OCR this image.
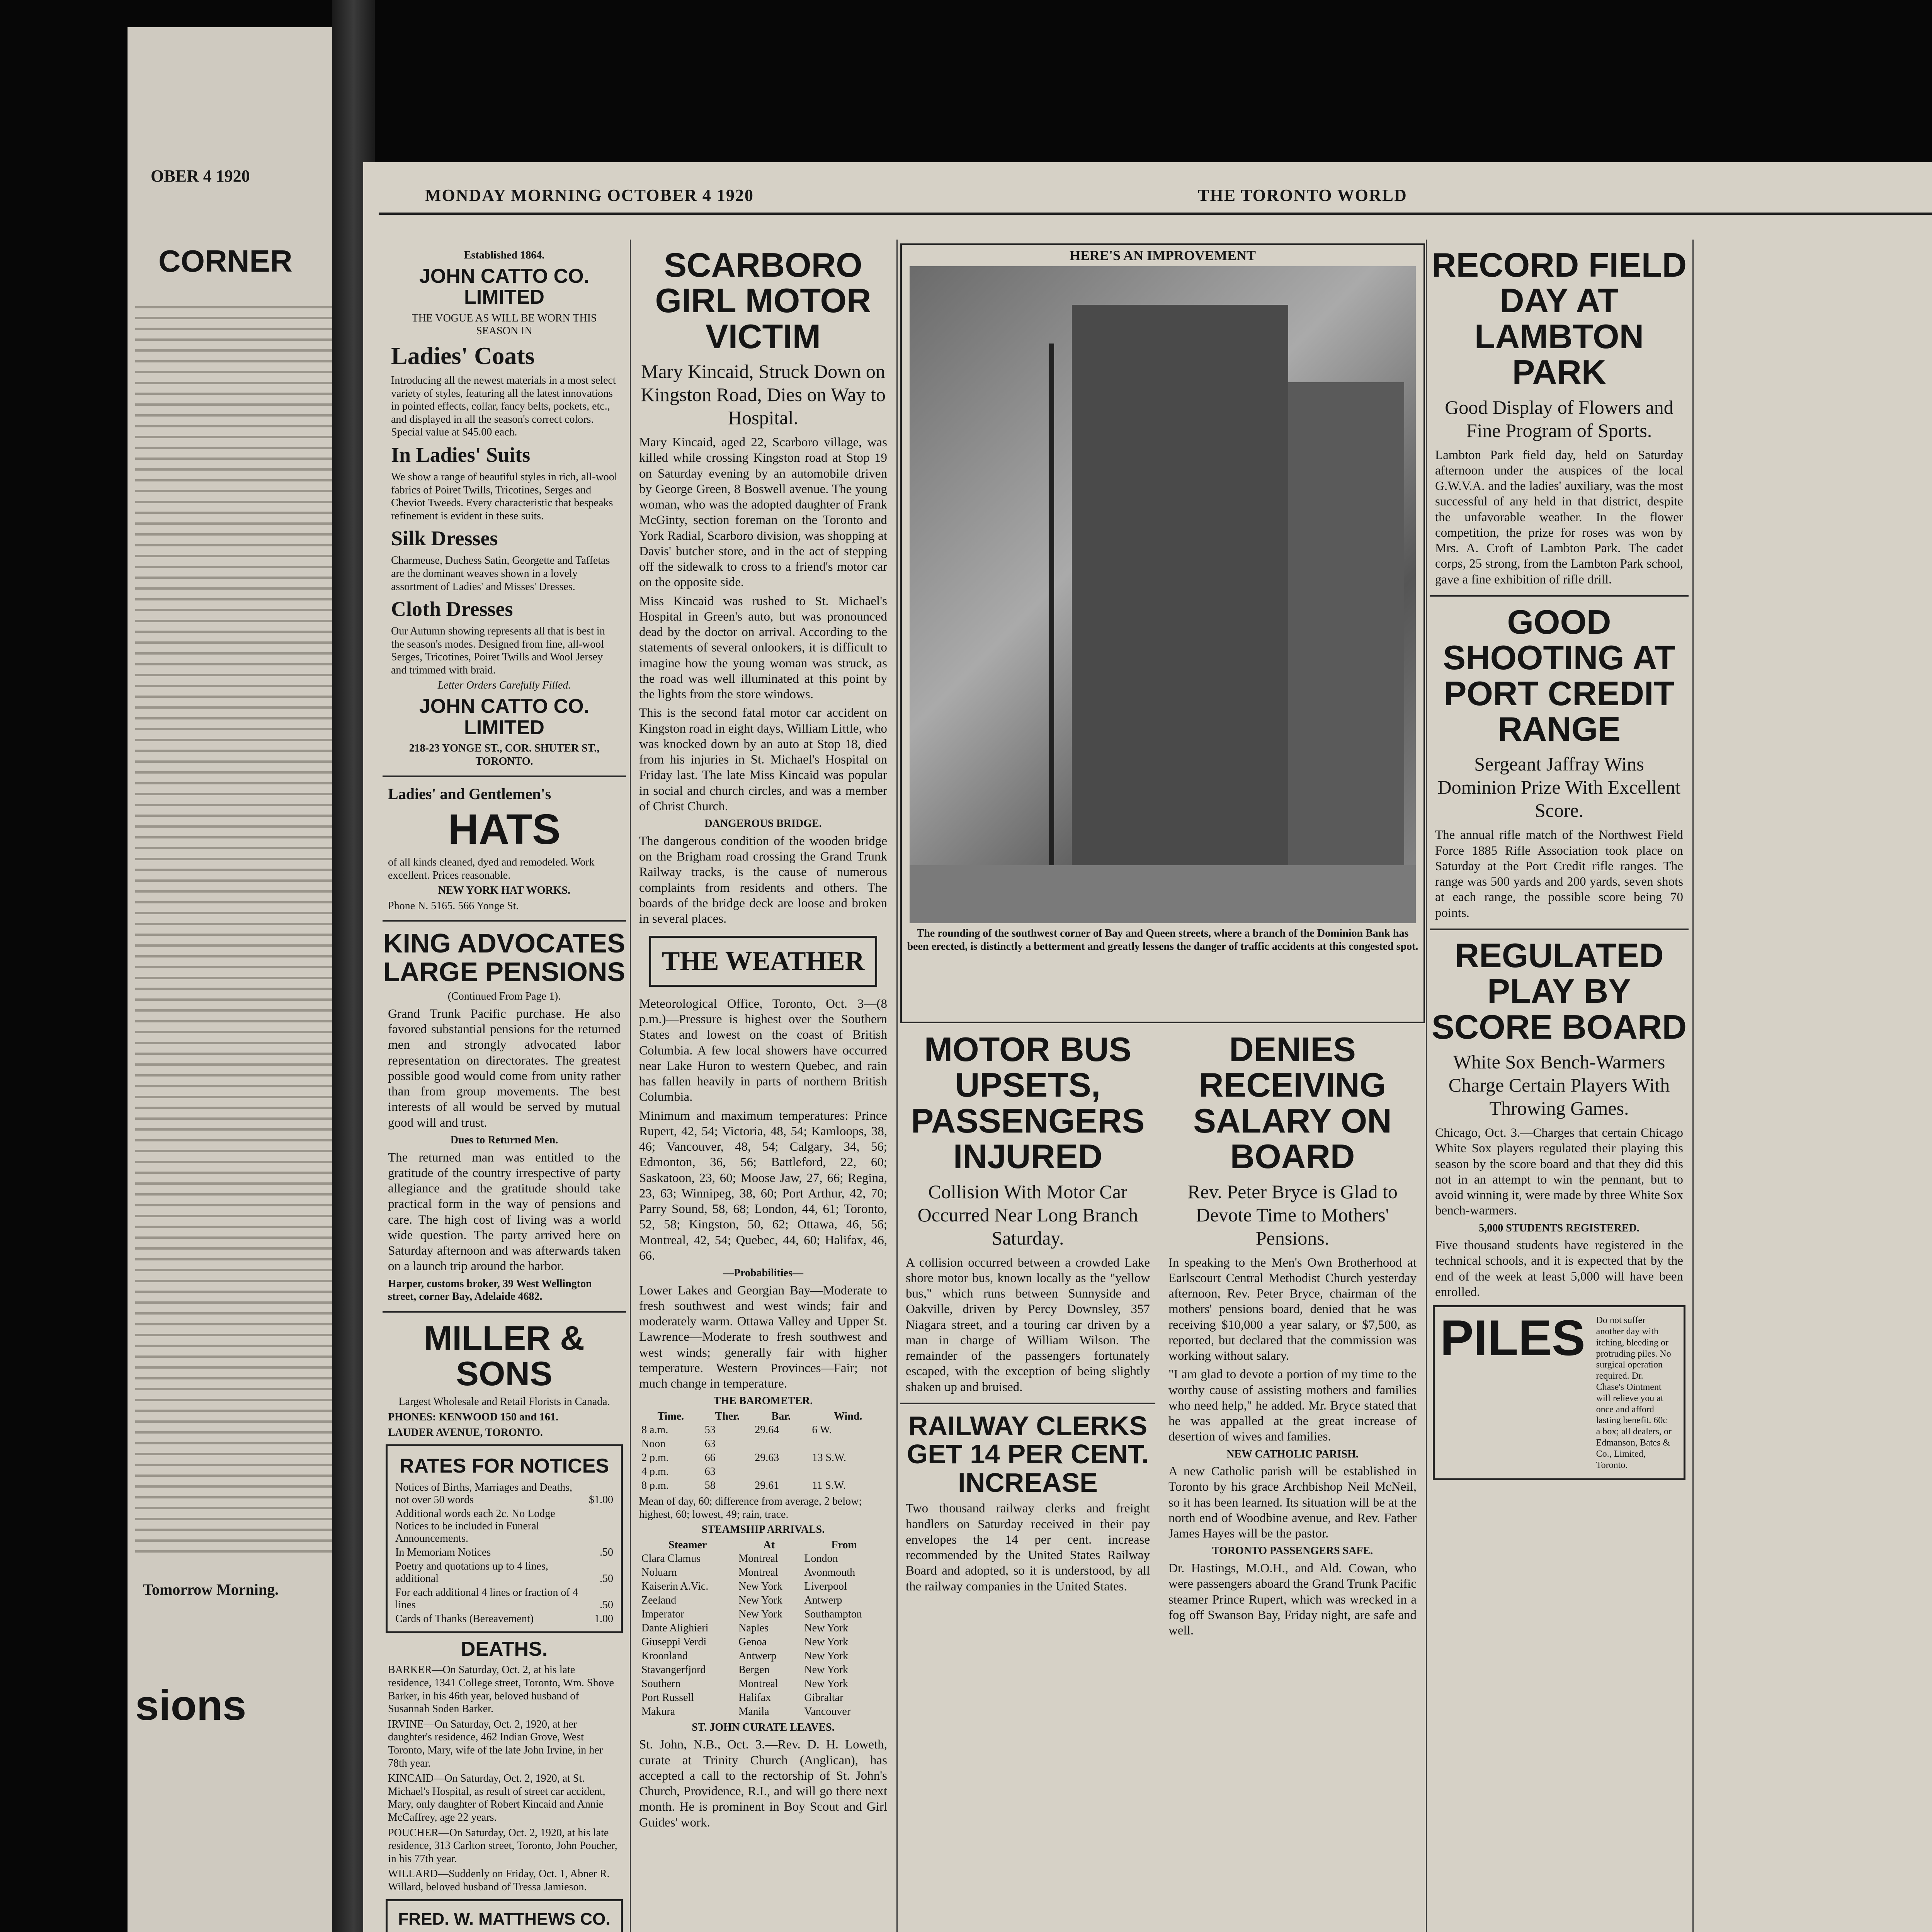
OBER 4 1920
CORNER
Tomorrow Morning.
sions
MONDAY MORNING OCTOBER 4 1920	THE TORONTO WORLD
Established 1864.
JOHN CATTO CO. LIMITED
THE VOGUE AS WILL BE WORN THIS SEASON IN
Ladies' Coats
Introducing all the newest materials in a most select variety of styles, featuring all the latest innovations in pointed effects, collar, fancy belts, pockets, etc., and displayed in all the season's correct colors. Special value at $45.00 each.
In Ladies' Suits
We show a range of beautiful styles in rich, all-wool fabrics of Poiret Twills, Tricotines, Serges and Cheviot Tweeds. Every characteristic that bespeaks refinement is evident in these suits.
Silk Dresses
Charmeuse, Duchess Satin, Georgette and Taffetas are the dominant weaves shown in a lovely assortment of Ladies' and Misses' Dresses.
Cloth Dresses
Our Autumn showing represents all that is best in the season's modes. Designed from fine, all-wool Serges, Tricotines, Poiret Twills and Wool Jersey and trimmed with braid.
Letter Orders Carefully Filled.
JOHN CATTO CO. LIMITED
218-23 YONGE ST., COR. SHUTER ST., TORONTO.
Ladies' and Gentlemen's
HATS
of all kinds cleaned, dyed and remodeled. Work excellent. Prices reasonable.
NEW YORK HAT WORKS.
Phone N. 5165. 566 Yonge St.
KING ADVOCATES LARGE PENSIONS
(Continued From Page 1).
Grand Trunk Pacific purchase. He also favored substantial pensions for the returned men and strongly advocated labor representation on directorates. The greatest possible good would come from unity rather than from group movements. The best interests of all would be served by mutual good will and trust.
Dues to Returned Men.
The returned man was entitled to the gratitude of the country irrespective of party allegiance and the gratitude should take practical form in the way of pensions and care. The high cost of living was a world wide question. The party arrived here on Saturday afternoon and was afterwards taken on a launch trip around the harbor.
Harper, customs broker, 39 West Wellington street, corner Bay, Adelaide 4682.
MILLER & SONS
Largest Wholesale and Retail Florists in Canada.
PHONES: KENWOOD 150 and 161.
LAUDER AVENUE, TORONTO.
RATES FOR NOTICES
Notices of Births, Marriages and Deaths, not over 50 words	$1.00
Additional words each 2c. No Lodge Notices to be included in Funeral Announcements.	
In Memoriam Notices	.50
Poetry and quotations up to 4 lines, additional	.50
For each additional 4 lines or fraction of 4 lines	.50
Cards of Thanks (Bereavement)	1.00
DEATHS.
BARKER—On Saturday, Oct. 2, at his late residence, 1341 College street, Toronto, Wm. Shove Barker, in his 46th year, beloved husband of Susannah Soden Barker.
IRVINE—On Saturday, Oct. 2, 1920, at her daughter's residence, 462 Indian Grove, West Toronto, Mary, wife of the late John Irvine, in her 78th year.
KINCAID—On Saturday, Oct. 2, 1920, at St. Michael's Hospital, as result of street car accident, Mary, only daughter of Robert Kincaid and Annie McCaffrey, age 22 years.
POUCHER—On Saturday, Oct. 2, 1920, at his late residence, 313 Carlton street, Toronto, John Poucher, in his 77th year.
WILLARD—Suddenly on Friday, Oct. 1, Abner R. Willard, beloved husband of Tressa Jamieson.
FRED. W. MATTHEWS CO.
SCARBORO GIRL MOTOR VICTIM
Mary Kincaid, Struck Down on Kingston Road, Dies on Way to Hospital.
Mary Kincaid, aged 22, Scarboro village, was killed while crossing Kingston road at Stop 19 on Saturday evening by an automobile driven by George Green, 8 Boswell avenue. The young woman, who was the adopted daughter of Frank McGinty, section foreman on the Toronto and York Radial, Scarboro division, was shopping at Davis' butcher store, and in the act of stepping off the sidewalk to cross to a friend's motor car on the opposite side.
Miss Kincaid was rushed to St. Michael's Hospital in Green's auto, but was pronounced dead by the doctor on arrival. According to the statements of several onlookers, it is difficult to imagine how the young woman was struck, as the road was well illuminated at this point by the lights from the store windows.
This is the second fatal motor car accident on Kingston road in eight days, William Little, who was knocked down by an auto at Stop 18, died from his injuries in St. Michael's Hospital on Friday last. The late Miss Kincaid was popular in social and church circles, and was a member of Christ Church.
DANGEROUS BRIDGE.
The dangerous condition of the wooden bridge on the Brigham road crossing the Grand Trunk Railway tracks, is the cause of numerous complaints from residents and others. The boards of the bridge deck are loose and broken in several places.
THE WEATHER
Meteorological Office, Toronto, Oct. 3—(8 p.m.)—Pressure is highest over the Southern States and lowest on the coast of British Columbia. A few local showers have occurred near Lake Huron to western Quebec, and rain has fallen heavily in parts of northern British Columbia.
Minimum and maximum temperatures: Prince Rupert, 42, 54; Victoria, 48, 54; Kamloops, 38, 46; Vancouver, 48, 54; Calgary, 34, 56; Edmonton, 36, 56; Battleford, 22, 60; Saskatoon, 23, 60; Moose Jaw, 27, 66; Regina, 23, 63; Winnipeg, 38, 60; Port Arthur, 42, 70; Parry Sound, 58, 68; London, 44, 61; Toronto, 52, 58; Kingston, 50, 62; Ottawa, 46, 56; Montreal, 42, 54; Quebec, 44, 60; Halifax, 46, 66.
—Probabilities—
Lower Lakes and Georgian Bay—Moderate to fresh southwest and west winds; fair and moderately warm. Ottawa Valley and Upper St. Lawrence—Moderate to fresh southwest and west winds; generally fair with higher temperature. Western Provinces—Fair; not much change in temperature.
THE BAROMETER.
Time.	Ther.	Bar.	Wind.
8 a.m.	53	29.64	6 W.
Noon	63		
2 p.m.	66	29.63	13 S.W.
4 p.m.	63		
8 p.m.	58	29.61	11 S.W.
Mean of day, 60; difference from average, 2 below; highest, 60; lowest, 49; rain, trace.
STEAMSHIP ARRIVALS.
Steamer	At	From
Clara Clamus	Montreal	London
Noluarn	Montreal	Avonmouth
Kaiserin A.Vic.	New York	Liverpool
Zeeland	New York	Antwerp
Imperator	New York	Southampton
Dante Alighieri	Naples	New York
Giuseppi Verdi	Genoa	New York
Kroonland	Antwerp	New York
Stavangerfjord	Bergen	New York
Southern	Montreal	New York
Port Russell	Halifax	Gibraltar
Makura	Manila	Vancouver
ST. JOHN CURATE LEAVES.
St. John, N.B., Oct. 3.—Rev. D. H. Loweth, curate at Trinity Church (Anglican), has accepted a call to the rectorship of St. John's Church, Providence, R.I., and will go there next month. He is prominent in Boy Scout and Girl Guides' work.
HERE'S AN IMPROVEMENT
The rounding of the southwest corner of Bay and Queen streets, where a branch of the Dominion Bank has been erected, is distinctly a betterment and greatly lessens the danger of traffic accidents at this congested spot.
MOTOR BUS UPSETS, PASSENGERS INJURED
Collision With Motor Car Occurred Near Long Branch Saturday.
A collision occurred between a crowded Lake shore motor bus, known locally as the "yellow bus," which runs between Sunnyside and Oakville, driven by Percy Downsley, 357 Niagara street, and a touring car driven by a man in charge of William Wilson. The remainder of the passengers fortunately escaped, with the exception of being slightly shaken up and bruised.
RAILWAY CLERKS GET 14 PER CENT. INCREASE
Two thousand railway clerks and freight handlers on Saturday received in their pay envelopes the 14 per cent. increase recommended by the United States Railway Board and adopted, so it is understood, by all the railway companies in the United States.
DENIES RECEIVING SALARY ON BOARD
Rev. Peter Bryce is Glad to Devote Time to Mothers' Pensions.
In speaking to the Men's Own Brotherhood at Earlscourt Central Methodist Church yesterday afternoon, Rev. Peter Bryce, chairman of the mothers' pensions board, denied that he was receiving $10,000 a year salary, or $7,500, as reported, but declared that the commission was working without salary.
"I am glad to devote a portion of my time to the worthy cause of assisting mothers and families who need help," he added. Mr. Bryce stated that he was appalled at the great increase of desertion of wives and families.
NEW CATHOLIC PARISH.
A new Catholic parish will be established in Toronto by his grace Archbishop Neil McNeil, so it has been learned. Its situation will be at the north end of Woodbine avenue, and Rev. Father James Hayes will be the pastor.
TORONTO PASSENGERS SAFE.
Dr. Hastings, M.O.H., and Ald. Cowan, who were passengers aboard the Grand Trunk Pacific steamer Prince Rupert, which was wrecked in a fog off Swanson Bay, Friday night, are safe and well.
RECORD FIELD DAY AT LAMBTON PARK
Good Display of Flowers and Fine Program of Sports.
Lambton Park field day, held on Saturday afternoon under the auspices of the local G.W.V.A. and the ladies' auxiliary, was the most successful of any held in that district, despite the unfavorable weather. In the flower competition, the prize for roses was won by Mrs. A. Croft of Lambton Park. The cadet corps, 25 strong, from the Lambton Park school, gave a fine exhibition of rifle drill.
GOOD SHOOTING AT PORT CREDIT RANGE
Sergeant Jaffray Wins Dominion Prize With Excellent Score.
The annual rifle match of the Northwest Field Force 1885 Rifle Association took place on Saturday at the Port Credit rifle ranges. The range was 500 yards and 200 yards, seven shots at each range, the possible score being 70 points.
REGULATED PLAY BY SCORE BOARD
White Sox Bench-Warmers Charge Certain Players With Throwing Games.
Chicago, Oct. 3.—Charges that certain Chicago White Sox players regulated their playing this season by the score board and that they did this not in an attempt to win the pennant, but to avoid winning it, were made by three White Sox bench-warmers.
5,000 STUDENTS REGISTERED.
Five thousand students have registered in the technical schools, and it is expected that by the end of the week at least 5,000 will have been enrolled.
PILES Do not suffer another day with itching, bleeding or protruding piles. No surgical operation required. Dr. Chase's Ointment will relieve you at once and afford lasting benefit. 60c a box; all dealers, or Edmanson, Bates & Co., Limited, Toronto.
